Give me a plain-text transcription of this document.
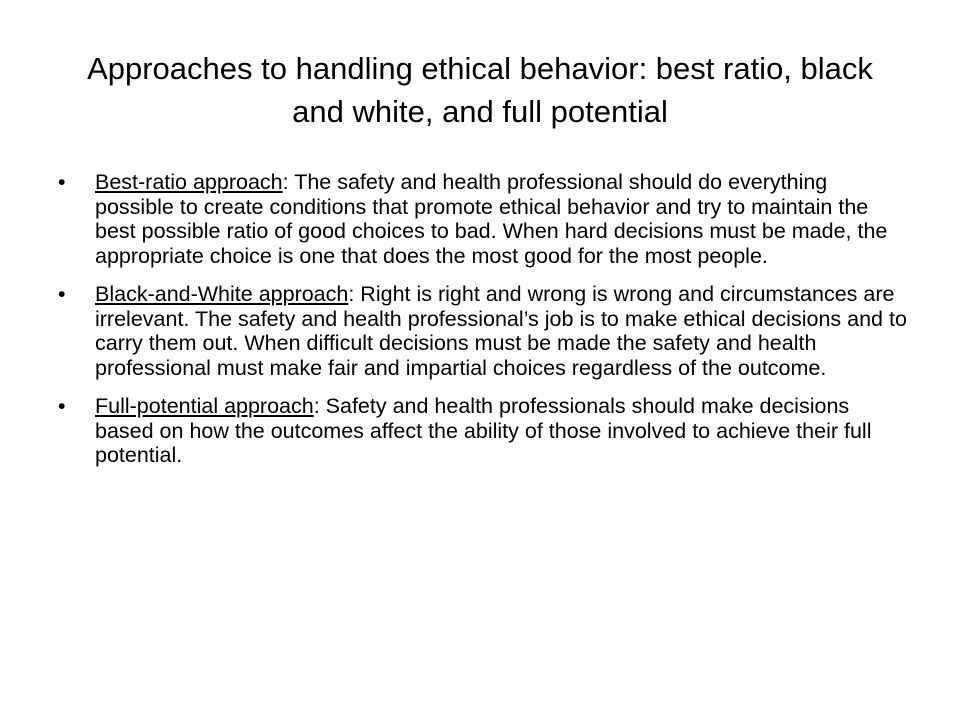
Approaches to handling ethical behavior: best ratio, black and white, and full potential
• Best-ratio approach: The safety and health professional should do everything possible to create conditions that promote ethical behavior and try to maintain the best possible ratio of good choices to bad. When hard decisions must be made, the appropriate choice is one that does the most good for the most people.
• Black-and-White approach: Right is right and wrong is wrong and circumstances are irrelevant. The safety and health professional’s job is to make ethical decisions and to carry them out. When difficult decisions must be made the safety and health professional must make fair and impartial choices regardless of the outcome.
• Full-potential approach: Safety and health professionals should make decisions based on how the outcomes affect the ability of those involved to achieve their full potential.
